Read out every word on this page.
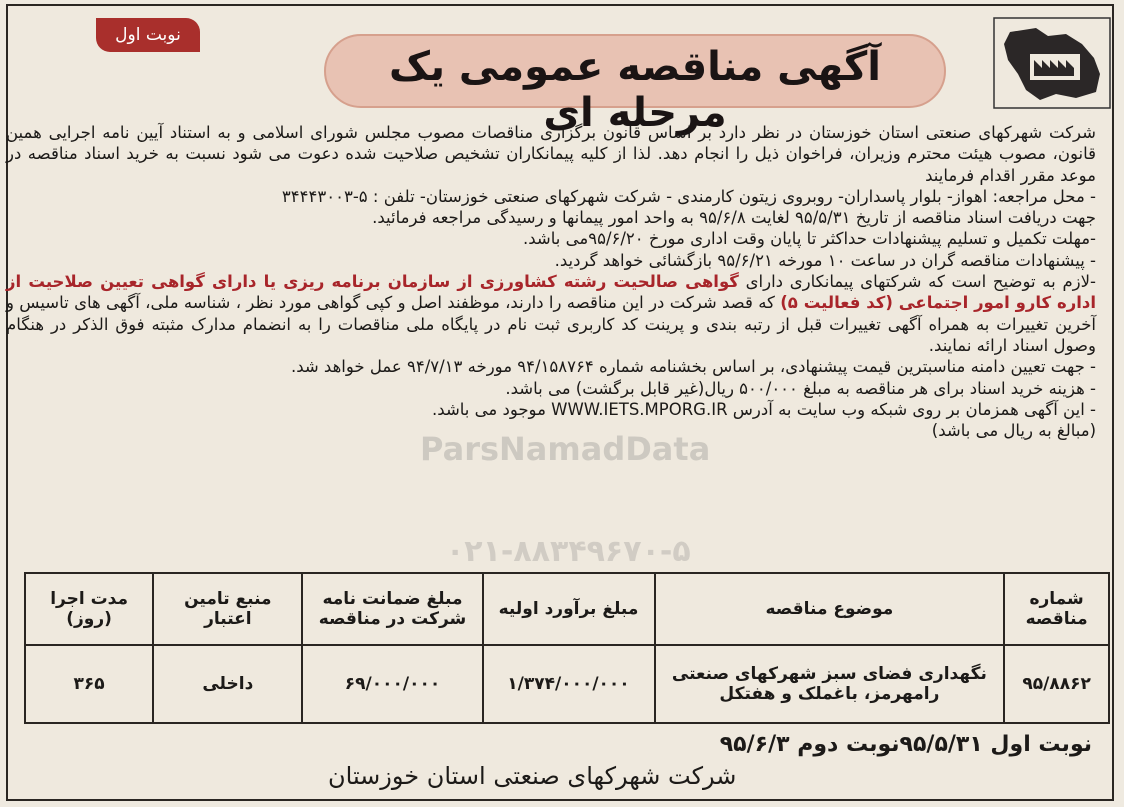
نوبت اول
آگهی مناقصه عمومی یک مرحله ای
ParsNamadData
۰۲۱-۸۸۳۴۹۶۷۰-۵

شرکت شهرکهای صنعتی استان خوزستان در نظر دارد بر اساس قانون برگزاری مناقصات مصوب مجلس شورای اسلامی و به استناد آیین نامه اجرایی همین قانون، مصوب هیئت محترم وزیران، فراخوان ذیل را انجام دهد. لذا از کلیه پیمانکاران تشخیص صلاحیت شده دعوت می شود نسبت به خرید اسناد مناقصه در موعد مقرر اقدام فرمایند

- محل مراجعه: اهواز- بلوار پاسداران- روبروی زیتون کارمندی - شرکت شهرکهای صنعتی خوزستان- تلفن : ۵-۳۴۴۴۳۰۰۳

جهت دریافت اسناد مناقصه از تاریخ ۹۵/۵/۳۱ لغایت ۹۵/۶/۸ به واحد امور پیمانها و رسیدگی مراجعه فرمائید.

-مهلت تکمیل و تسلیم پیشنهادات حداکثر تا پایان وقت اداری مورخ ۹۵/۶/۲۰می باشد.

- پیشنهادات مناقصه گران در ساعت ۱۰ مورخه ۹۵/۶/۲۱ بازگشائی خواهد گردید.

-لازم به توضیح است که شرکتهای پیمانکاری دارای گواهی صالحیت رشته کشاورزی از سازمان برنامه ریزی یا دارای گواهی تعیین صلاحیت از اداره کارو امور اجتماعی (کد فعالیت ۵) که قصد شرکت در این مناقصه را دارند، موظفند اصل و کپی گواهی مورد نظر ، شناسه ملی، آگهی های تاسیس و آخرین تغییرات به همراه آگهی تغییرات قبل از رتبه بندی و پرینت کد کاربری ثبت نام در پایگاه ملی مناقصات را به انضمام مدارک مثبته فوق الذکر در هنگام وصول اسناد ارائه نمایند.

- جهت تعیین دامنه مناسبترین قیمت پیشنهادی، بر اساس بخشنامه شماره ۹۴/۱۵۸۷۶۴ مورخه ۹۴/۷/۱۳ عمل خواهد شد.

- هزینه خرید اسناد برای هر مناقصه به مبلغ ۵۰۰/۰۰۰ ریال(غیر قابل برگشت) می باشد.

- این آگهی همزمان بر روی شبکه وب سایت به آدرس WWW.IETS.MPORG.IR موجود می باشد.

(مبالغ به ریال می باشد)

شماره مناقصه	موضوع مناقصه	مبلغ برآورد اولیه	مبلغ ضمانت نامه شرکت در مناقصه	منبع تامین اعتبار	مدت اجرا (روز)
۹۵/۸۸۶۲	نگهداری فضای سبز شهرکهای صنعتی رامهرمز، باغملک و هفتکل	۱/۳۷۴/۰۰۰/۰۰۰	۶۹/۰۰۰/۰۰۰	داخلی	۳۶۵
نوبت اول ۹۵/۵/۳۱نوبت دوم ۹۵/۶/۳
شرکت شهرکهای صنعتی استان خوزستان
